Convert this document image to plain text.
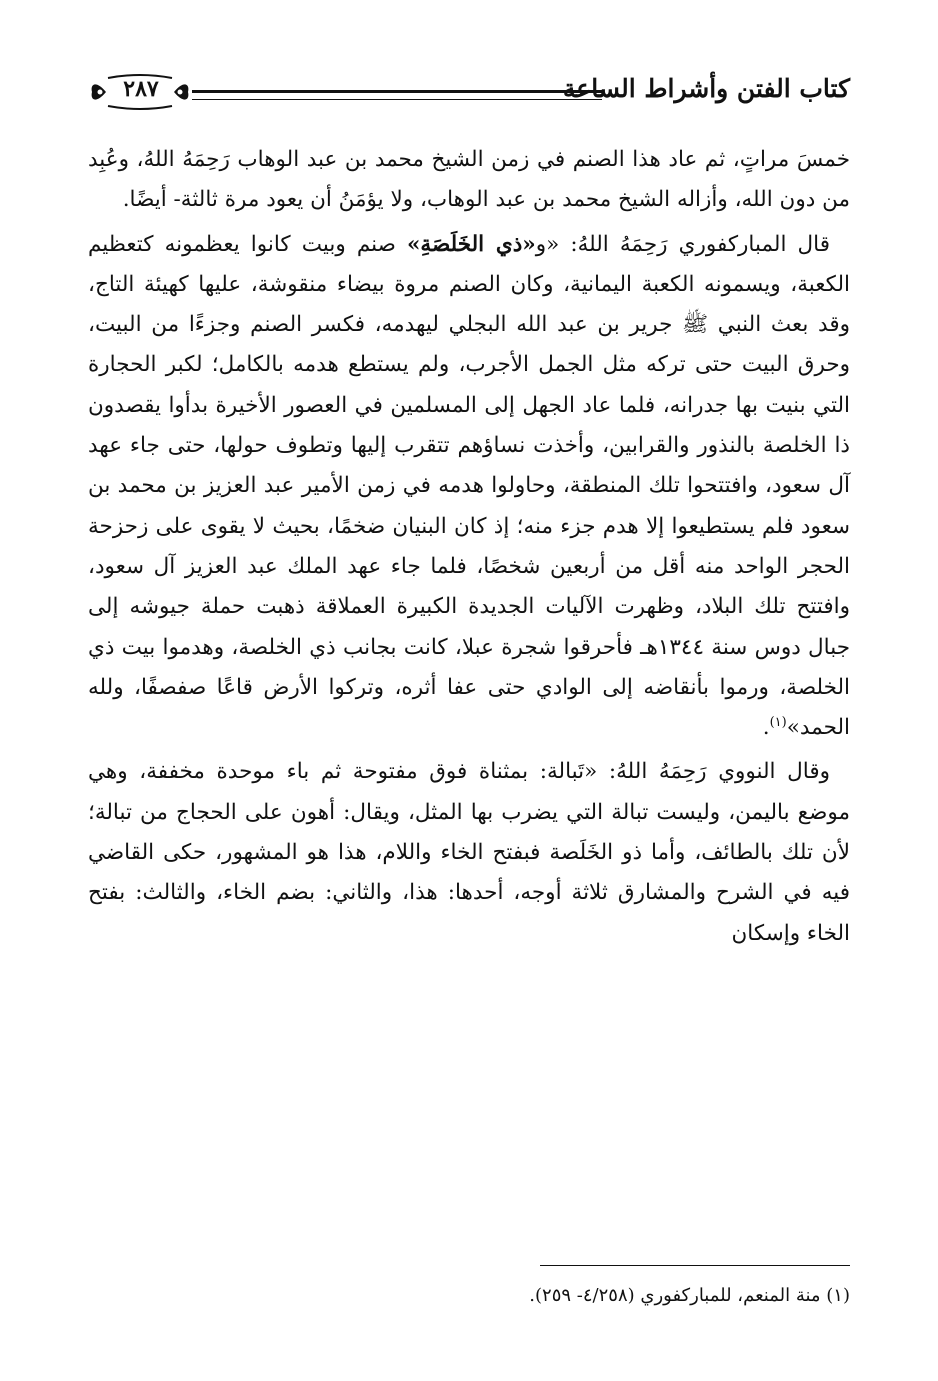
كتاب الفتن وأشراط الساعة
٢٨٧

خمسَ مراتٍ، ثم عاد هذا الصنم في زمن الشيخ محمد بن عبد الوهاب رَحِمَهُ اللهُ، وعُبِد من دون الله، وأزاله الشيخ محمد بن عبد الوهاب، ولا يؤمَنُ أن يعود مرة ثالثة- أيضًا.

قال المباركفوري رَحِمَهُ اللهُ: «و«ذي الخَلَصَةِ» صنم وبيت كانوا يعظمونه كتعظيم الكعبة، ويسمونه الكعبة اليمانية، وكان الصنم مروة بيضاء منقوشة، عليها كهيئة التاج، وقد بعث النبي ﷺ جرير بن عبد الله البجلي ليهدمه، فكسر الصنم وجزءًا من البيت، وحرق البيت حتى تركه مثل الجمل الأجرب، ولم يستطع هدمه بالكامل؛ لكبر الحجارة التي بنيت بها جدرانه، فلما عاد الجهل إلى المسلمين في العصور الأخيرة بدأوا يقصدون ذا الخلصة بالنذور والقرابين، وأخذت نساؤهم تتقرب إليها وتطوف حولها، حتى جاء عهد آل سعود، وافتتحوا تلك المنطقة، وحاولوا هدمه في زمن الأمير عبد العزيز بن محمد بن سعود فلم يستطيعوا إلا هدم جزء منه؛ إذ كان البنيان ضخمًا، بحيث لا يقوى على زحزحة الحجر الواحد منه أقل من أربعين شخصًا، فلما جاء عهد الملك عبد العزيز آل سعود، وافتتح تلك البلاد، وظهرت الآليات الجديدة الكبيرة العملاقة ذهبت حملة جيوشه إلى جبال دوس سنة ١٣٤٤هـ فأحرقوا شجرة عبلا، كانت بجانب ذي الخلصة، وهدموا بيت ذي الخلصة، ورموا بأنقاضه إلى الوادي حتى عفا أثره، وتركوا الأرض قاعًا صفصفًا، ولله الحمد»$^{(١)}$.

وقال النووي رَحِمَهُ اللهُ: «تَبالة: بمثناة فوق مفتوحة ثم باء موحدة مخففة، وهي موضع باليمن، وليست تبالة التي يضرب بها المثل، ويقال: أهون على الحجاج من تبالة؛ لأن تلك بالطائف، وأما ذو الخَلَصة فبفتح الخاء واللام، هذا هو المشهور، حكى القاضي فيه في الشرح والمشارق ثلاثة أوجه، أحدها: هذا، والثاني: بضم الخاء، والثالث: بفتح الخاء وإسكان

(١) منة المنعم، للمباركفوري (٤/٢٥٨- ٢٥٩).
